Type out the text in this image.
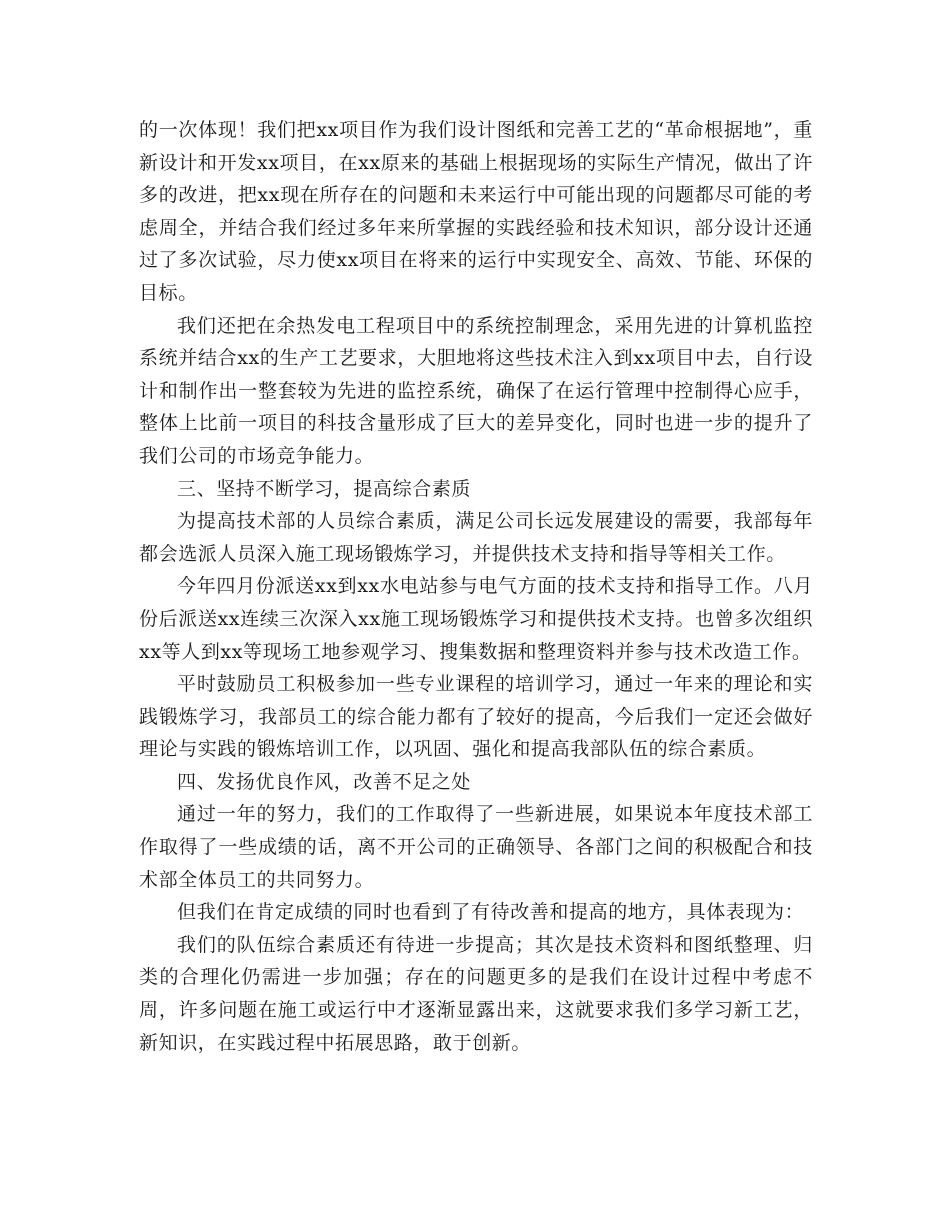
的一次体现！我们把xx项目作为我们设计图纸和完善工艺的“革命根据地”，重新设计和开发xx项目，在xx原来的基础上根据现场的实际生产情况，做出了许多的改进，把xx现在所存在的问题和未来运行中可能出现的问题都尽可能的考虑周全，并结合我们经过多年来所掌握的实践经验和技术知识，部分设计还通过了多次试验，尽力使xx项目在将来的运行中实现安全、高效、节能、环保的目标。

我们还把在余热发电工程项目中的系统控制理念，采用先进的计算机监控系统并结合xx的生产工艺要求，大胆地将这些技术注入到xx项目中去，自行设计和制作出一整套较为先进的监控系统，确保了在运行管理中控制得心应手，整体上比前一项目的科技含量形成了巨大的差异变化，同时也进一步的提升了我们公司的市场竞争能力。

三、坚持不断学习，提高综合素质

为提高技术部的人员综合素质，满足公司长远发展建设的需要，我部每年都会选派人员深入施工现场锻炼学习，并提供技术支持和指导等相关工作。

今年四月份派送xx到xx水电站参与电气方面的技术支持和指导工作。八月份后派送xx连续三次深入xx施工现场锻炼学习和提供技术支持。也曾多次组织xx等人到xx等现场工地参观学习、搜集数据和整理资料并参与技术改造工作。

平时鼓励员工积极参加一些专业课程的培训学习，通过一年来的理论和实践锻炼学习，我部员工的综合能力都有了较好的提高，今后我们一定还会做好理论与实践的锻炼培训工作，以巩固、强化和提高我部队伍的综合素质。

四、发扬优良作风，改善不足之处

通过一年的努力，我们的工作取得了一些新进展，如果说本年度技术部工作取得了一些成绩的话，离不开公司的正确领导、各部门之间的积极配合和技术部全体员工的共同努力。

但我们在肯定成绩的同时也看到了有待改善和提高的地方，具体表现为：

我们的队伍综合素质还有待进一步提高；其次是技术资料和图纸整理、归类的合理化仍需进一步加强；存在的问题更多的是我们在设计过程中考虑不周，许多问题在施工或运行中才逐渐显露出来，这就要求我们多学习新工艺，新知识，在实践过程中拓展思路，敢于创新。
